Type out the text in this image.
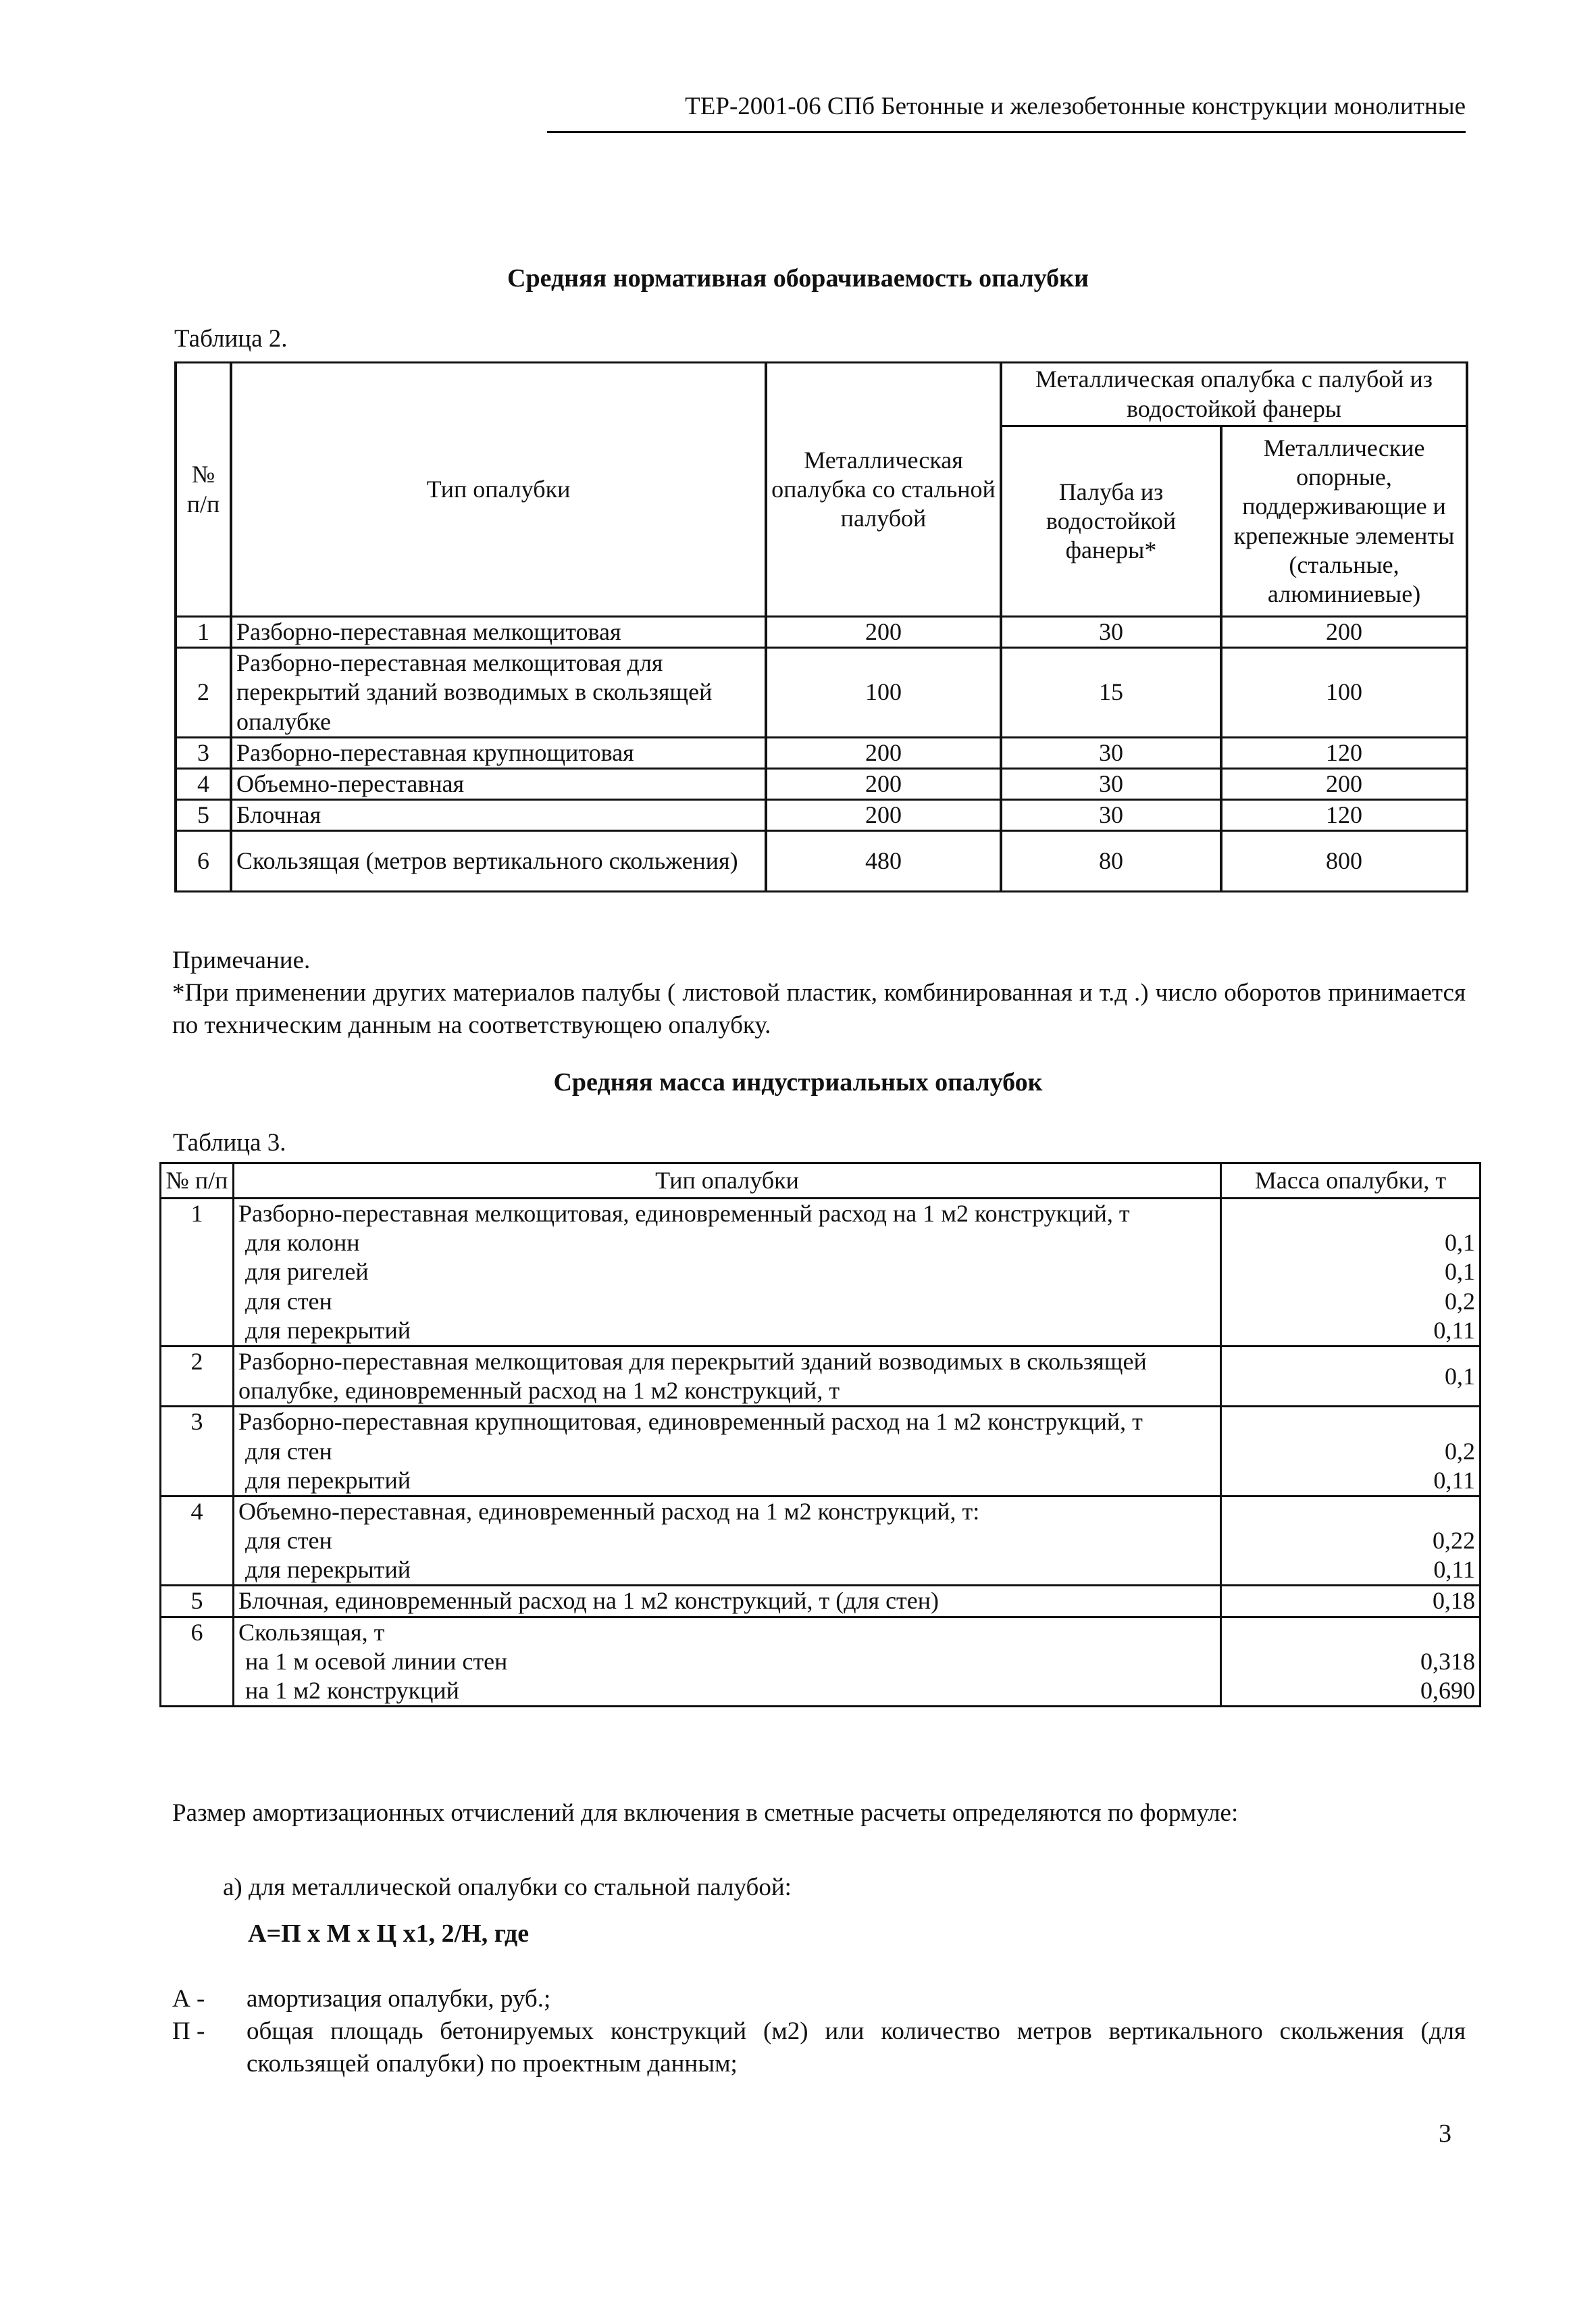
ТЕР-2001-06 СПб Бетонные и железобетонные конструкции монолитные
Средняя нормативная оборачиваемость опалубки
Таблица 2.
№ п/п	Тип опалубки	Металлическая опалубка со стальной палубой	Металлическая опалубка с палубой из водостойкой фанеры	
			Палуба из водостойкой фанеры*	Металлические опорные, поддерживающие и крепежные элементы (стальные, алюминиевые)
1	Разборно-переставная мелкощитовая	200	30	200
2	Разборно-переставная мелкощитовая для перекрытий зданий возводимых в скользящей опалубке	100	15	100
3	Разборно-переставная крупнощитовая	200	30	120
4	Объемно-переставная	200	30	200
5	Блочная	200	30	120
6	Скользящая (метров вертикального скольжения)	480	80	800
Примечание.
*При применении других материалов палубы ( листовой пластик, комбинированная и т.д .) число оборотов принимается по техническим данным на соответствующею опалубку.
Средняя масса индустриальных опалубок
Таблица 3.
№ п/п	Тип опалубки	Масса опалубки, т
1	Разборно-переставная мелкощитовая, единовременный расход на 1 м2 конструкций, т	
	для колонн	0,1
	для ригелей	0,1
	для стен	0,2
	для перекрытий	0,11
2	Разборно-переставная мелкощитовая для перекрытий зданий возводимых в скользящей опалубке, единовременный расход на 1 м2 конструкций, т	0,1
3	Разборно-переставная крупнощитовая, единовременный расход на 1 м2 конструкций, т	
	для стен	0,2
	для перекрытий	0,11
4	Объемно-переставная, единовременный расход на 1 м2 конструкций, т:	
	для стен	0,22
	для перекрытий	0,11
5	Блочная, единовременный расход на 1 м2 конструкций, т (для стен)	0,18
6	Скользящая, т	
	на 1 м осевой линии стен	0,318
	на 1 м2 конструкций	0,690
Размер амортизационных отчислений для включения в сметные расчеты определяются по формуле:
а) для металлической опалубки со стальной палубой:
А=П х М х Ц х1, 2/Н, где
А -	амортизация опалубки, руб.;
П -	общая площадь бетонируемых конструкций (м2) или количество метров вертикального скольжения (для скользящей опалубки) по проектным данным;
3
